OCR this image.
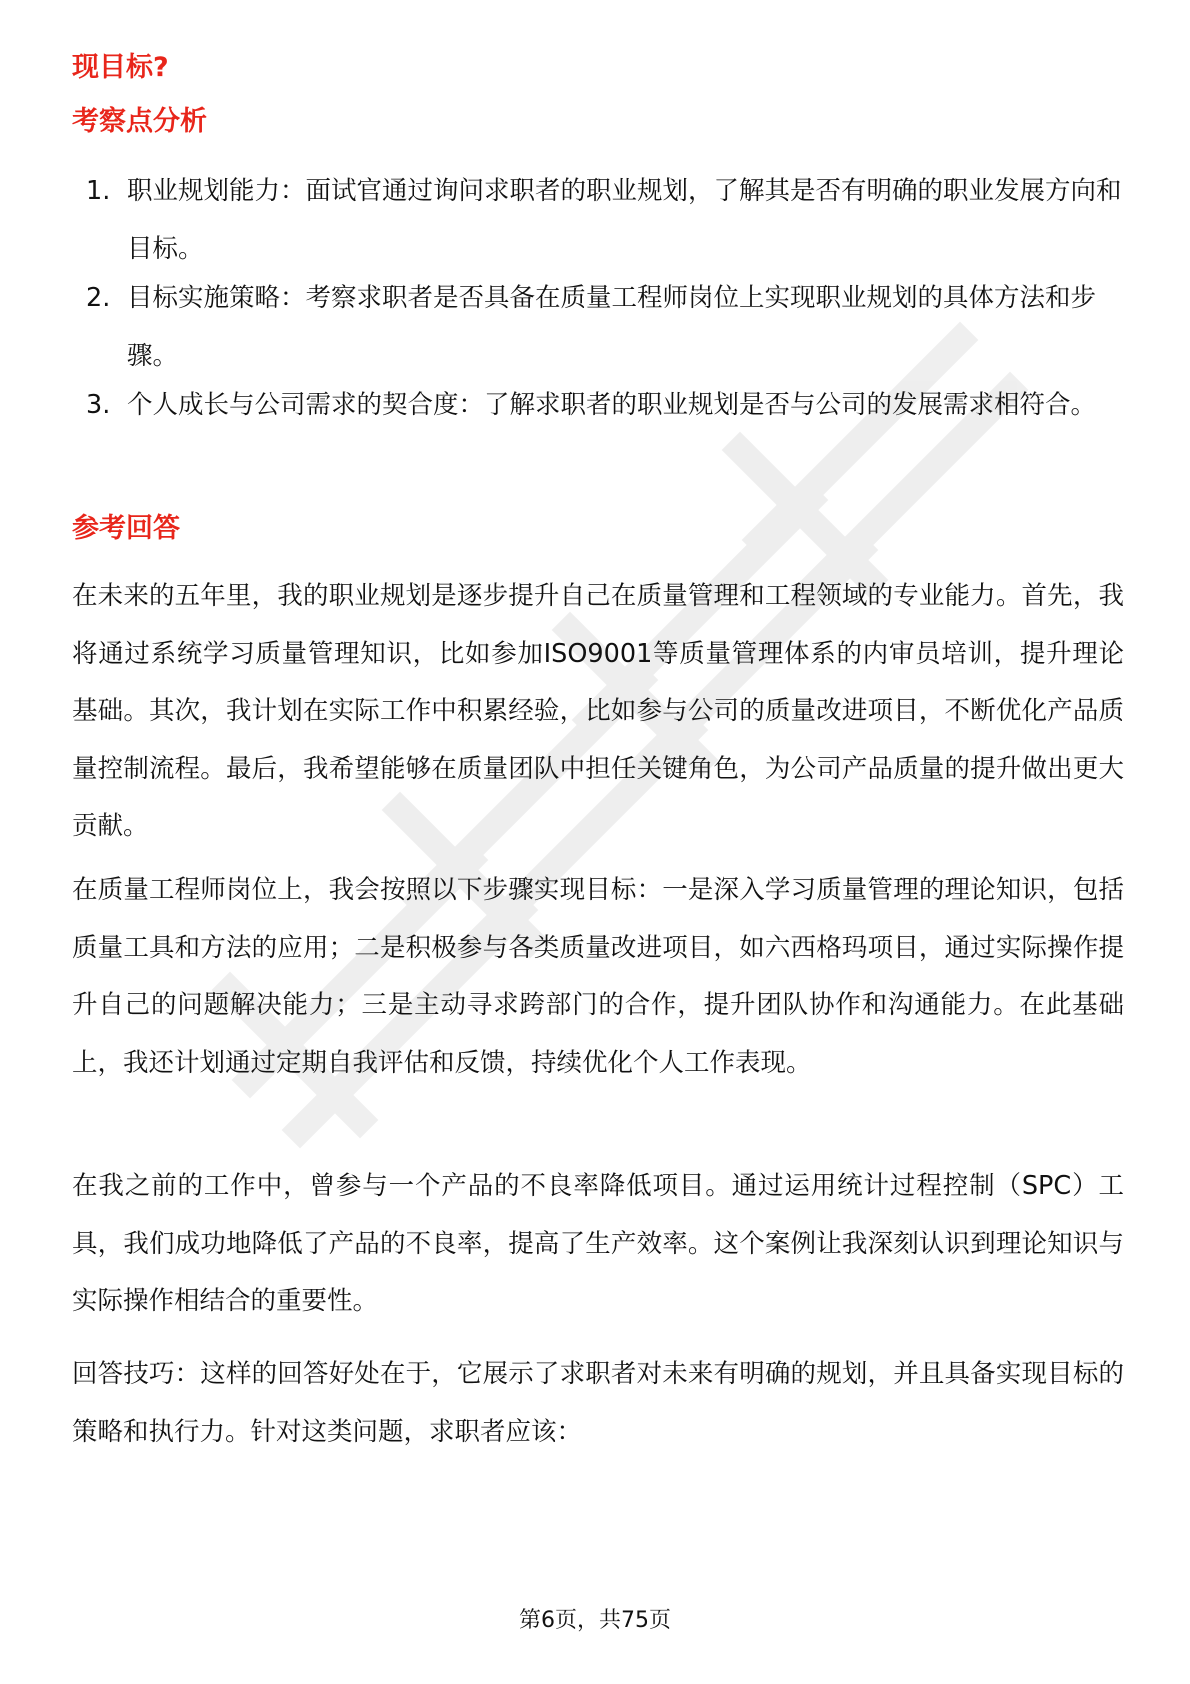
现目标?
考察点分析
1. 职业规划能力：面试官通过询问求职者的职业规划，了解其是否有明确的职业发展方向和目标。
2. 目标实施策略：考察求职者是否具备在质量工程师岗位上实现职业规划的具体方法和步骤。
3. 个人成长与公司需求的契合度：了解求职者的职业规划是否与公司的发展需求相符合。
参考回答

在未来的五年里，我的职业规划是逐步提升自己在质量管理和工程领域的专业能力。首先，我将通过系统学习质量管理知识，比如参加ISO9001等质量管理体系的内审员培训，提升理论基础。其次，我计划在实际工作中积累经验，比如参与公司的质量改进项目，不断优化产品质量控制流程。最后，我希望能够在质量团队中担任关键角色，为公司产品质量的提升做出更大贡献。

在质量工程师岗位上，我会按照以下步骤实现目标：一是深入学习质量管理的理论知识，包括质量工具和方法的应用；二是积极参与各类质量改进项目，如六西格玛项目，通过实际操作提升自己的问题解决能力；三是主动寻求跨部门的合作，提升团队协作和沟通能力。在此基础上，我还计划通过定期自我评估和反馈，持续优化个人工作表现。

在我之前的工作中，曾参与一个产品的不良率降低项目。通过运用统计过程控制（SPC）工具，我们成功地降低了产品的不良率，提高了生产效率。这个案例让我深刻认识到理论知识与实际操作相结合的重要性。

回答技巧：这样的回答好处在于，它展示了求职者对未来有明确的规划，并且具备实现目标的策略和执行力。针对这类问题，求职者应该：

第6页，共75页
